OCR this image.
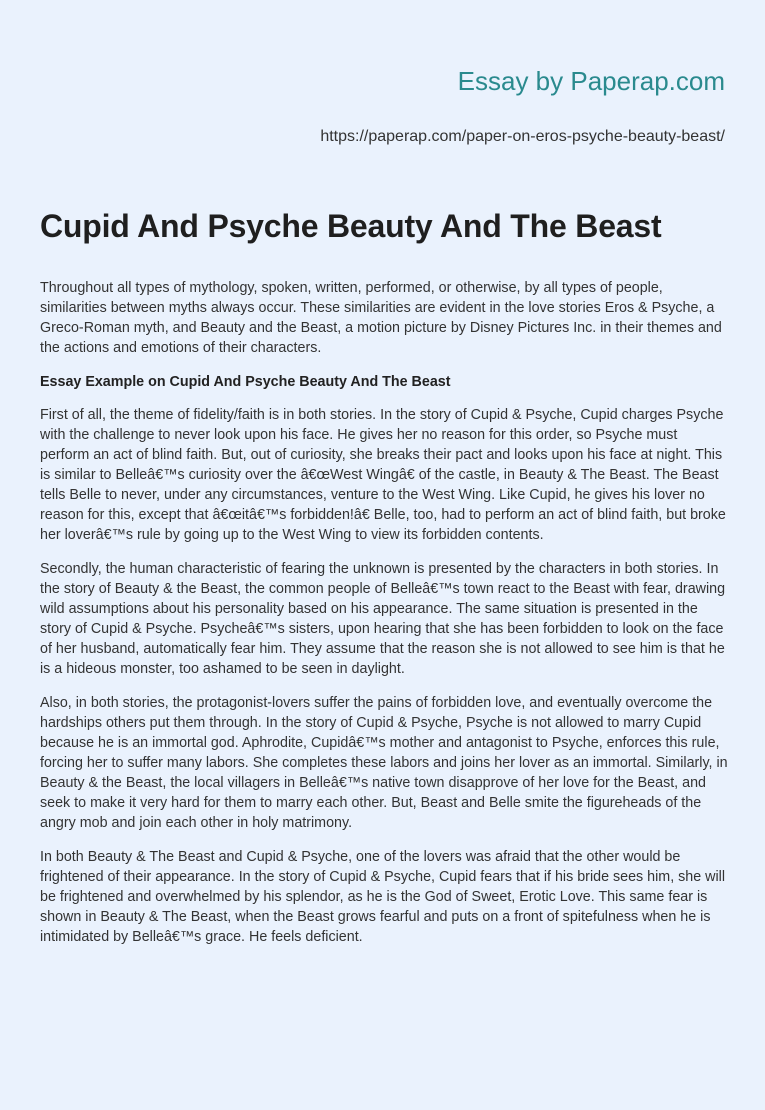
Essay by Paperap.com
https://paperap.com/paper-on-eros-psyche-beauty-beast/
Cupid And Psyche Beauty And The Beast

Throughout all types of mythology, spoken, written, performed, or otherwise, by all types of people, similarities between myths always occur. These similarities are evident in the love stories Eros & Psyche, a Greco-Roman myth, and Beauty and the Beast, a motion picture by Disney Pictures Inc. in their themes and the actions and emotions of their characters.

Essay Example on Cupid And Psyche Beauty And The Beast

First of all, the theme of fidelity/faith is in both stories. In the story of Cupid & Psyche, Cupid charges Psyche with the challenge to never look upon his face. He gives her no reason for this order, so Psyche must perform an act of blind faith. But, out of curiosity, she breaks their pact and looks upon his face at night. This is similar to Belleâ€™s curiosity over the â€œWest Wingâ€ of the castle, in Beauty & The Beast. The Beast tells Belle to never, under any circumstances, venture to the West Wing. Like Cupid, he gives his lover no reason for this, except that â€œitâ€™s forbidden!â€ Belle, too, had to perform an act of blind faith, but broke her loverâ€™s rule by going up to the West Wing to view its forbidden contents.

Secondly, the human characteristic of fearing the unknown is presented by the characters in both stories. In the story of Beauty & the Beast, the common people of Belleâ€™s town react to the Beast with fear, drawing wild assumptions about his personality based on his appearance. The same situation is presented in the story of Cupid & Psyche. Psycheâ€™s sisters, upon hearing that she has been forbidden to look on the face of her husband, automatically fear him. They assume that the reason she is not allowed to see him is that he is a hideous monster, too ashamed to be seen in daylight.

Also, in both stories, the protagonist-lovers suffer the pains of forbidden love, and eventually overcome the hardships others put them through. In the story of Cupid & Psyche, Psyche is not allowed to marry Cupid because he is an immortal god. Aphrodite, Cupidâ€™s mother and antagonist to Psyche, enforces this rule, forcing her to suffer many labors. She completes these labors and joins her lover as an immortal. Similarly, in Beauty & the Beast, the local villagers in Belleâ€™s native town disapprove of her love for the Beast, and seek to make it very hard for them to marry each other. But, Beast and Belle smite the figureheads of the angry mob and join each other in holy matrimony.

In both Beauty & The Beast and Cupid & Psyche, one of the lovers was afraid that the other would be frightened of their appearance. In the story of Cupid & Psyche, Cupid fears that if his bride sees him, she will be frightened and overwhelmed by his splendor, as he is the God of Sweet, Erotic Love. This same fear is shown in Beauty & The Beast, when the Beast grows fearful and puts on a front of spitefulness when he is intimidated by Belleâ€™s grace. He feels deficient.
